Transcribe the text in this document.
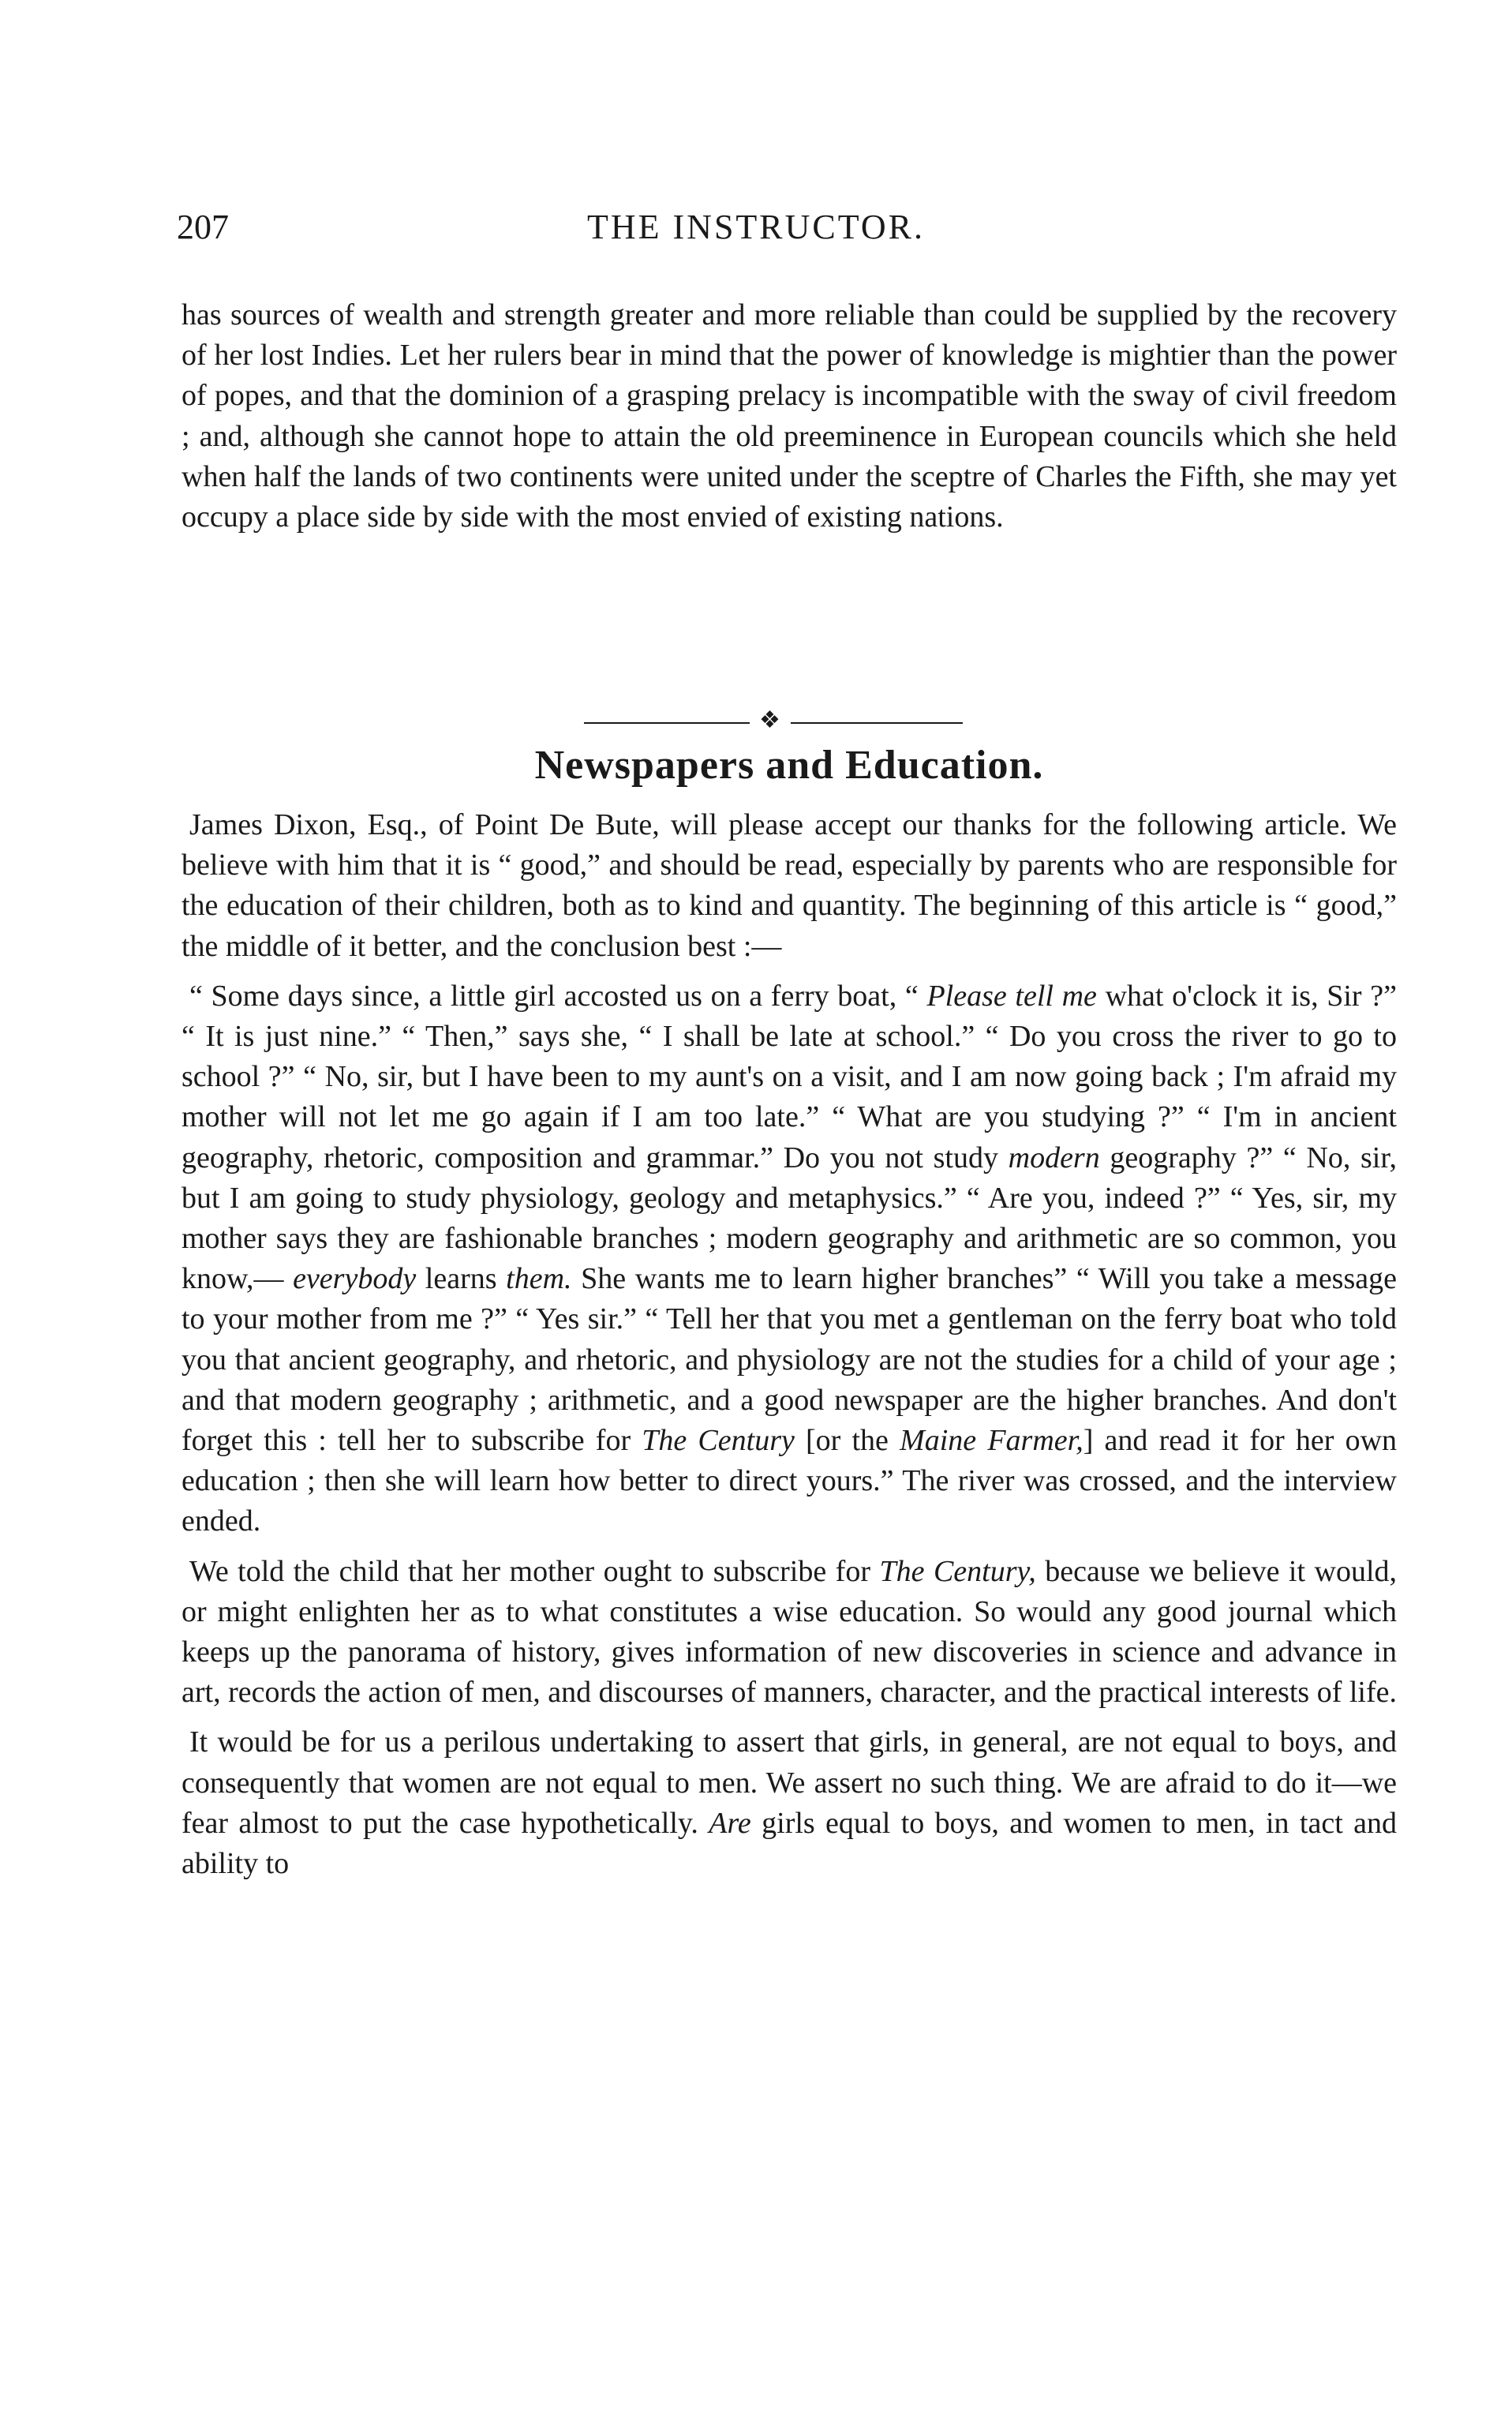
207	THE INSTRUCTOR.

has sources of wealth and strength greater and more reliable than could be supplied by the recovery of her lost Indies. Let her rulers bear in mind that the power of knowledge is mightier than the power of popes, and that the dominion of a grasping prelacy is incompatible with the sway of civil freedom ; and, although she cannot hope to attain the old preeminence in European councils which she held when half the lands of two continents were united under the sceptre of Charles the Fifth, she may yet occupy a place side by side with the most envied of existing nations.

❖
Newspapers and Education.

James Dixon, Esq., of Point De Bute, will please accept our thanks for the following article. We believe with him that it is “ good,” and should be read, especially by parents who are responsible for the education of their children, both as to kind and quantity. The beginning of this article is “ good,” the middle of it better, and the conclusion best :—

“ Some days since, a little girl accosted us on a ferry boat, “ Please tell me what o'clock it is, Sir ?” “ It is just nine.” “ Then,” says she, “ I shall be late at school.” “ Do you cross the river to go to school ?” “ No, sir, but I have been to my aunt's on a visit, and I am now going back ; I'm afraid my mother will not let me go again if I am too late.” “ What are you studying ?” “ I'm in ancient geography, rhetoric, composition and grammar.” Do you not study modern geography ?” “ No, sir, but I am going to study physiology, geology and metaphysics.” “ Are you, indeed ?” “ Yes, sir, my mother says they are fashionable branches ; modern geography and arithmetic are so common, you know,— everybody learns them. She wants me to learn higher branches” “ Will you take a message to your mother from me ?” “ Yes sir.” “ Tell her that you met a gentleman on the ferry boat who told you that ancient geography, and rhetoric, and physiology are not the studies for a child of your age ; and that modern geography ; arithmetic, and a good newspaper are the higher branches. And don't forget this : tell her to subscribe for The Century [or the Maine Farmer,] and read it for her own education ; then she will learn how better to direct yours.” The river was crossed, and the interview ended.

We told the child that her mother ought to subscribe for The Century, because we believe it would, or might enlighten her as to what constitutes a wise education. So would any good journal which keeps up the panorama of history, gives information of new discoveries in science and advance in art, records the action of men, and discourses of manners, character, and the practical interests of life.

It would be for us a perilous undertaking to assert that girls, in general, are not equal to boys, and consequently that women are not equal to men. We assert no such thing. We are afraid to do it—we fear almost to put the case hypothetically. Are girls equal to boys, and women to men, in tact and ability to
